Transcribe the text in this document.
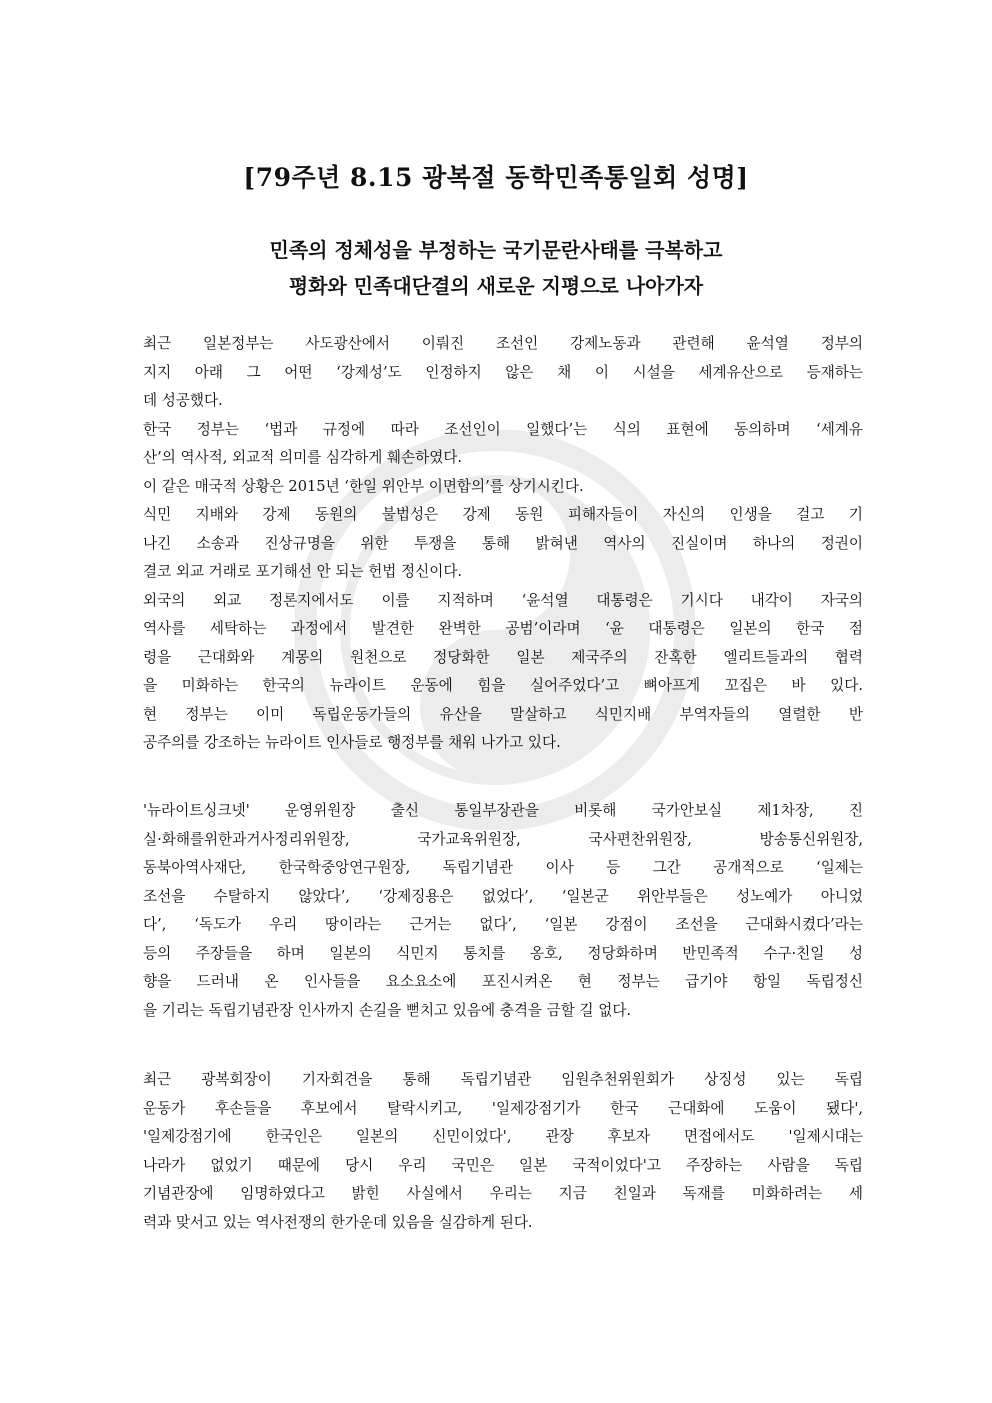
[79주년 8.15 광복절 동학민족통일회 성명]
민족의 정체성을 부정하는 국기문란사태를 극복하고
평화와 민족대단결의 새로운 지평으로 나아가자
최근 일본정부는 사도광산에서 이뤄진 조선인 강제노동과 관련해 윤석열 정부의
지지 아래 그 어떤 ‘강제성’도 인정하지 않은 채 이 시설을 세계유산으로 등재하는
데 성공했다.
한국 정부는 ‘법과 규정에 따라 조선인이 일했다’는 식의 표현에 동의하며 ‘세계유
산’의 역사적, 외교적 의미를 심각하게 훼손하였다.
이 같은 매국적 상황은 2015년 ‘한일 위안부 이면합의’를 상기시킨다.
식민 지배와 강제 동원의 불법성은 강제 동원 피해자들이 자신의 인생을 걸고 기
나긴 소송과 진상규명을 위한 투쟁을 통해 밝혀낸 역사의 진실이며 하나의 정권이
결코 외교 거래로 포기해선 안 되는 헌법 정신이다.
외국의 외교 정론지에서도 이를 지적하며 ‘윤석열 대통령은 기시다 내각이 자국의
역사를 세탁하는 과정에서 발견한 완벽한 공범’이라며 ‘윤 대통령은 일본의 한국 점
령을 근대화와 계몽의 원천으로 정당화한 일본 제국주의 잔혹한 엘리트들과의 협력
을 미화하는 한국의 뉴라이트 운동에 힘을 실어주었다’고 뼈아프게 꼬집은 바 있다.
현 정부는 이미 독립운동가들의 유산을 말살하고 식민지배 부역자들의 열렬한 반
공주의를 강조하는 뉴라이트 인사들로 행정부를 채워 나가고 있다.
'뉴라이트싱크넷' 운영위원장 출신 통일부장관을 비롯해 국가안보실 제1차장, 진
실·화해를위한과거사정리위원장, 국가교육위원장, 국사편찬위원장, 방송통신위원장,
동북아역사재단, 한국학중앙연구원장, 독립기념관 이사 등 그간 공개적으로 ‘일제는
조선을 수탈하지 않았다’, ‘강제징용은 없었다’, ‘일본군 위안부들은 성노예가 아니었
다’, ‘독도가 우리 땅이라는 근거는 없다’, ‘일본 강점이 조선을 근대화시켰다’라는
등의 주장들을 하며 일본의 식민지 통치를 옹호, 정당화하며 반민족적 수구·친일 성
향을 드러내 온 인사들을 요소요소에 포진시켜온 현 정부는 급기야 항일 독립정신
을 기리는 독립기념관장 인사까지 손길을 뻗치고 있음에 충격을 금할 길 없다.
최근 광복회장이 기자회견을 통해 독립기념관 임원추천위원회가 상징성 있는 독립
운동가 후손들을 후보에서 탈락시키고, '일제강점기가 한국 근대화에 도움이 됐다',
'일제강점기에 한국인은 일본의 신민이었다', 관장 후보자 면접에서도 '일제시대는
나라가 없었기 때문에 당시 우리 국민은 일본 국적이었다'고 주장하는 사람을 독립
기념관장에 임명하였다고 밝힌 사실에서 우리는 지금 친일과 독재를 미화하려는 세
력과 맞서고 있는 역사전쟁의 한가운데 있음을 실감하게 된다.
